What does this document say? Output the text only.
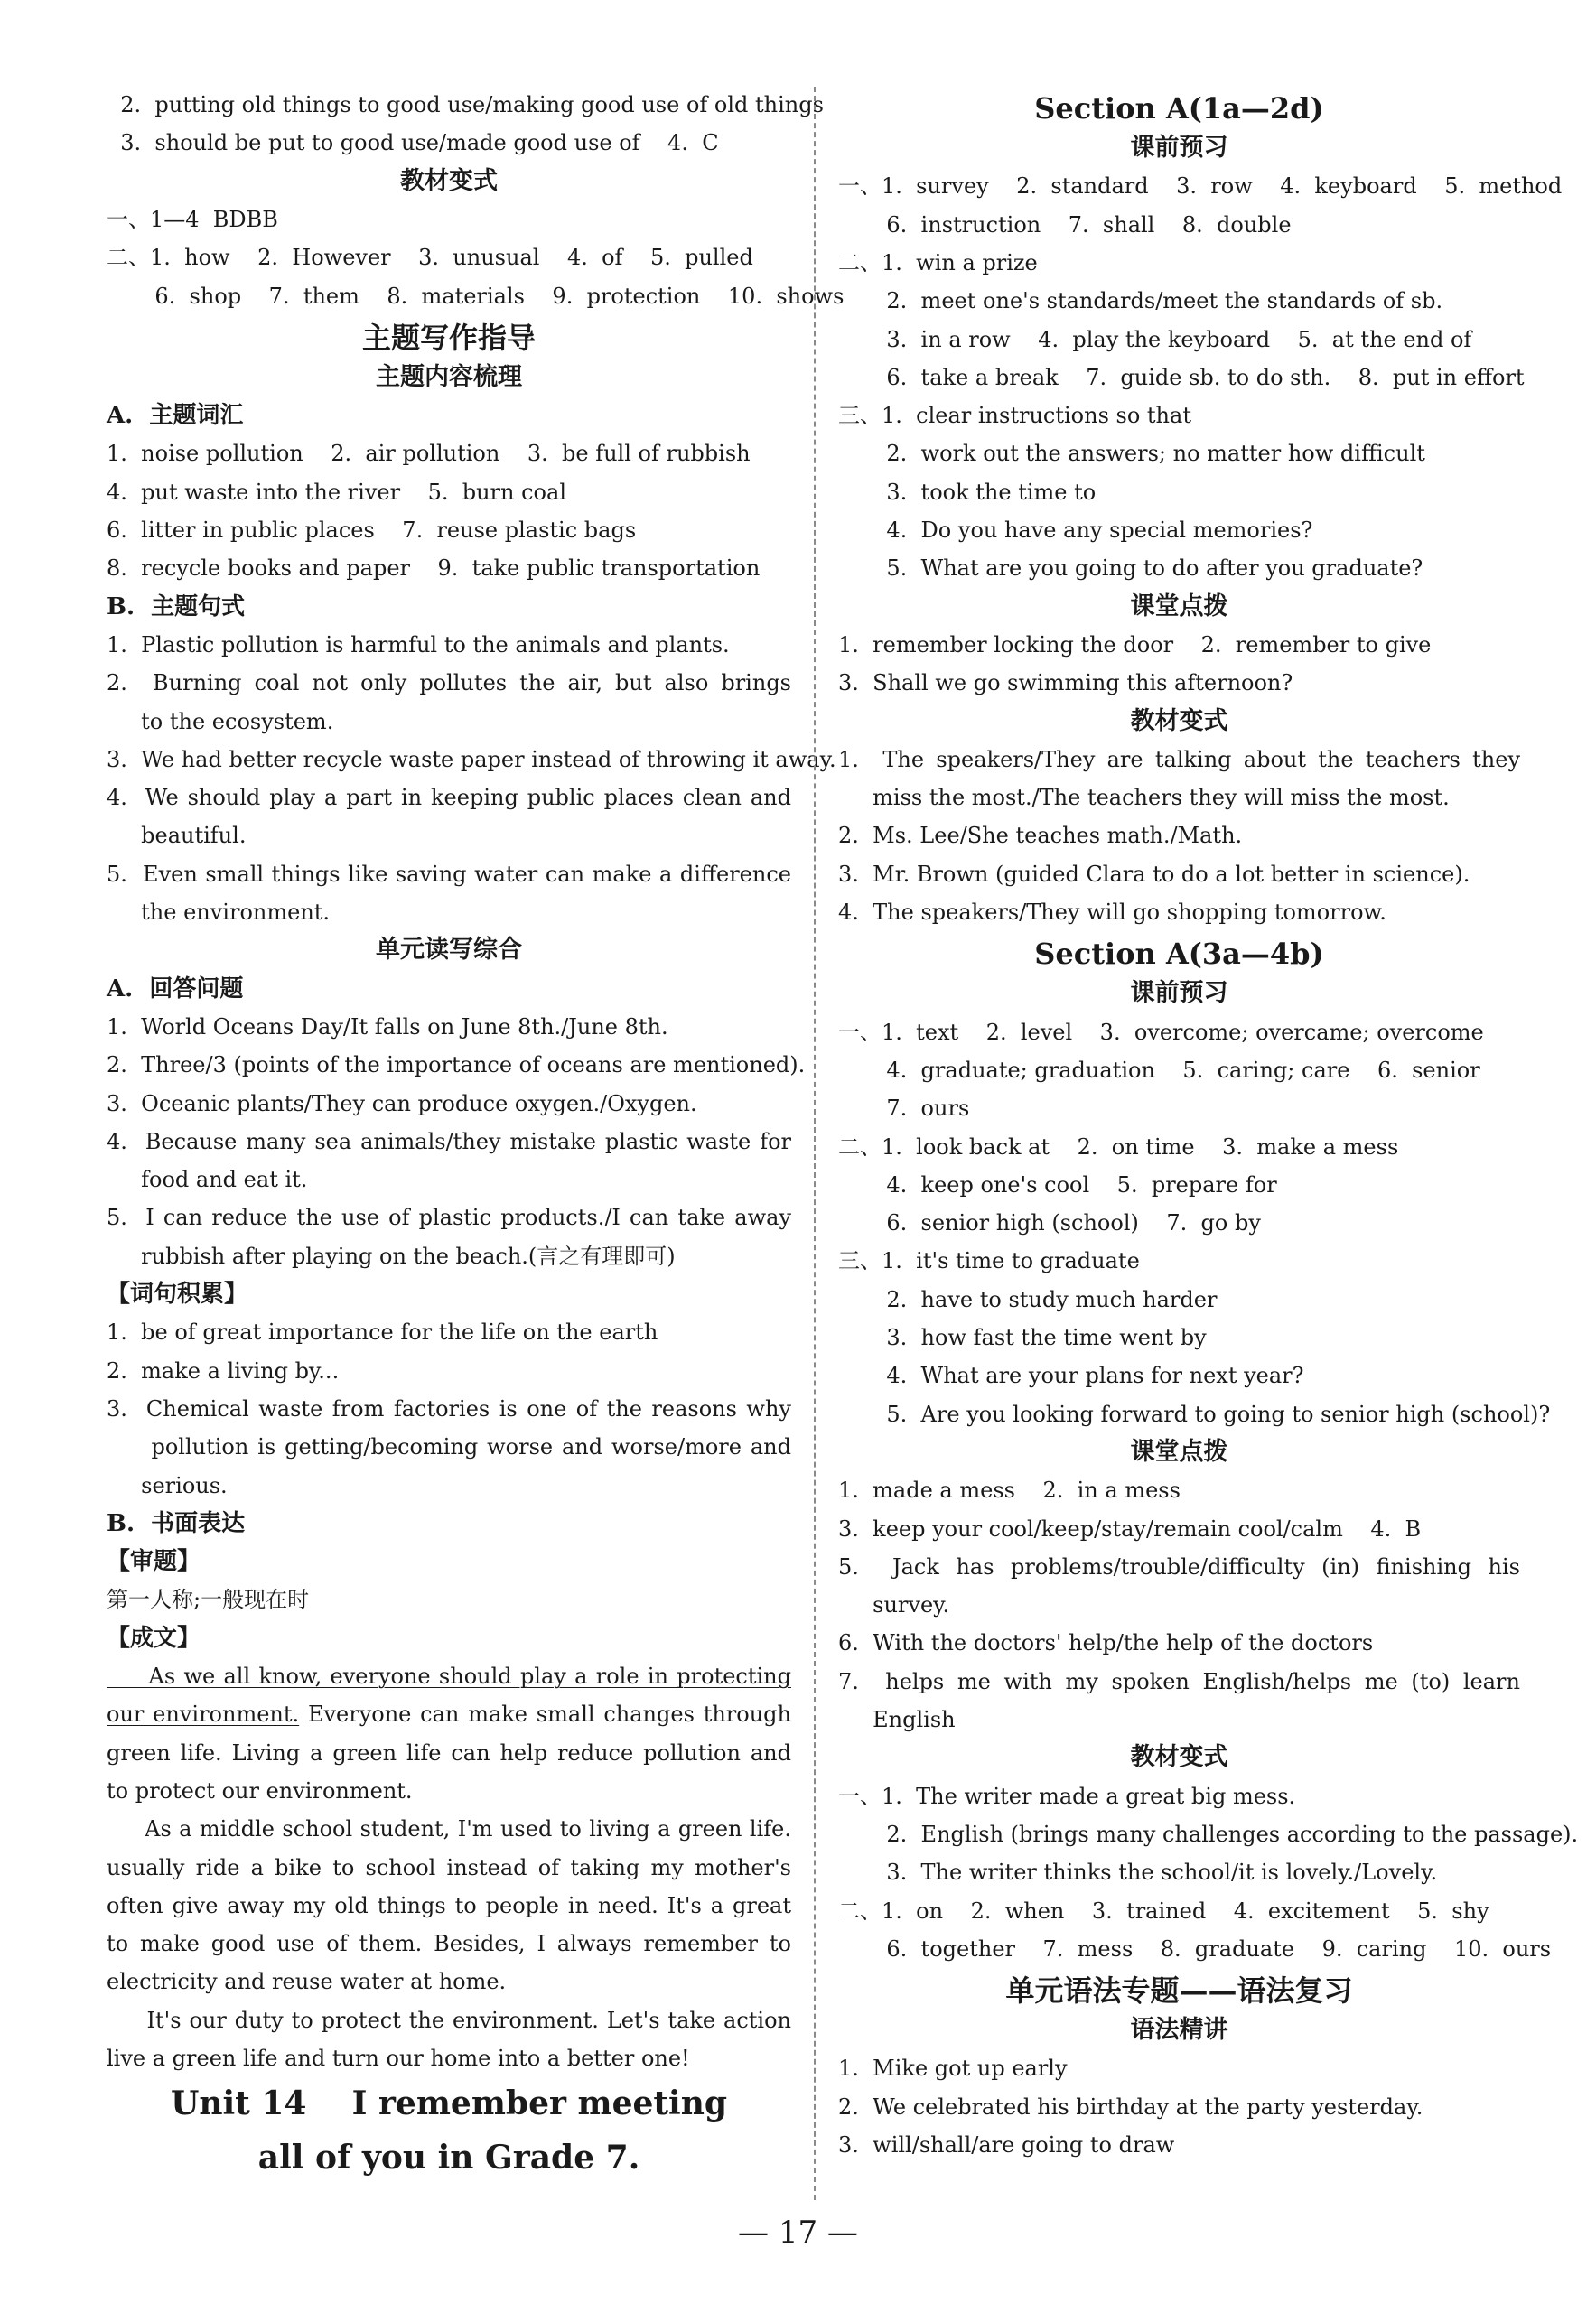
2.  putting old things to good use/making good use of old things
3.  should be put to good use/made good use of    4.  C
教材变式
一、1—4  BDBB
二、1.  how    2.  However    3.  unusual    4.  of    5.  pulled
6.  shop    7.  them    8.  materials    9.  protection    10.  shows
主题写作指导
主题内容梳理
A.  主题词汇
1.  noise pollution    2.  air pollution    3.  be full of rubbish
4.  put waste into the river    5.  burn coal
6.  litter in public places    7.  reuse plastic bags
8.  recycle books and paper    9.  take public transportation
B.  主题句式
1.  Plastic pollution is harmful to the animals and plants.
2.  Burning coal not only pollutes the air, but also brings
to the ecosystem.
3.  We had better recycle waste paper instead of throwing it away.
4.  We should play a part in keeping public places clean and
beautiful.
5.  Even small things like saving water can make a difference
the environment.
单元读写综合
A.  回答问题
1.  World Oceans Day/It falls on June 8th./June 8th.
2.  Three/3 (points of the importance of oceans are mentioned).
3.  Oceanic plants/They can produce oxygen./Oxygen.
4.  Because many sea animals/they mistake plastic waste for
food and eat it.
5.  I can reduce the use of plastic products./I can take away
rubbish after playing on the beach.(言之有理即可)
【词句积累】
1.  be of great importance for the life on the earth
2.  make a living by...
3.  Chemical waste from factories is one of the reasons why
pollution is getting/becoming worse and worse/more and
serious.
B.  书面表达
【审题】
第一人称;一般现在时
【成文】
As we all know, everyone should play a role in protecting
our environment. Everyone can make small changes through
green life. Living a green life can help reduce pollution and
to protect our environment.
As a middle school student, I'm used to living a green life.
usually ride a bike to school instead of taking my mother's
often give away my old things to people in need. It's a great
to make good use of them. Besides, I always remember to
electricity and reuse water at home.
It's our duty to protect the environment. Let's take action
live a green life and turn our home into a better one!
Unit 14    I remember meeting
all of you in Grade 7.
Section A(1a—2d)
课前预习
一、1.  survey    2.  standard    3.  row    4.  keyboard    5.  method
6.  instruction    7.  shall    8.  double
二、1.  win a prize
2.  meet one's standards/meet the standards of sb.
3.  in a row    4.  play the keyboard    5.  at the end of
6.  take a break    7.  guide sb. to do sth.    8.  put in effort
三、1.  clear instructions so that
2.  work out the answers; no matter how difficult
3.  took the time to
4.  Do you have any special memories?
5.  What are you going to do after you graduate?
课堂点拨
1.  remember locking the door    2.  remember to give
3.  Shall we go swimming this afternoon?
教材变式
1.  The speakers/They are talking about the teachers they
miss the most./The teachers they will miss the most.
2.  Ms. Lee/She teaches math./Math.
3.  Mr. Brown (guided Clara to do a lot better in science).
4.  The speakers/They will go shopping tomorrow.
Section A(3a—4b)
课前预习
一、1.  text    2.  level    3.  overcome; overcame; overcome
4.  graduate; graduation    5.  caring; care    6.  senior
7.  ours
二、1.  look back at    2.  on time    3.  make a mess
4.  keep one's cool    5.  prepare for
6.  senior high (school)    7.  go by
三、1.  it's time to graduate
2.  have to study much harder
3.  how fast the time went by
4.  What are your plans for next year?
5.  Are you looking forward to going to senior high (school)?
课堂点拨
1.  made a mess    2.  in a mess
3.  keep your cool/keep/stay/remain cool/calm    4.  B
5.  Jack has problems/trouble/difficulty (in) finishing his
survey.
6.  With the doctors' help/the help of the doctors
7.  helps me with my spoken English/helps me (to) learn
English
教材变式
一、1.  The writer made a great big mess.
2.  English (brings many challenges according to the passage).
3.  The writer thinks the school/it is lovely./Lovely.
二、1.  on    2.  when    3.  trained    4.  excitement    5.  shy
6.  together    7.  mess    8.  graduate    9.  caring    10.  ours
单元语法专题——语法复习
语法精讲
1.  Mike got up early
2.  We celebrated his birthday at the party yesterday.
3.  will/shall/are going to draw
— 17 —
